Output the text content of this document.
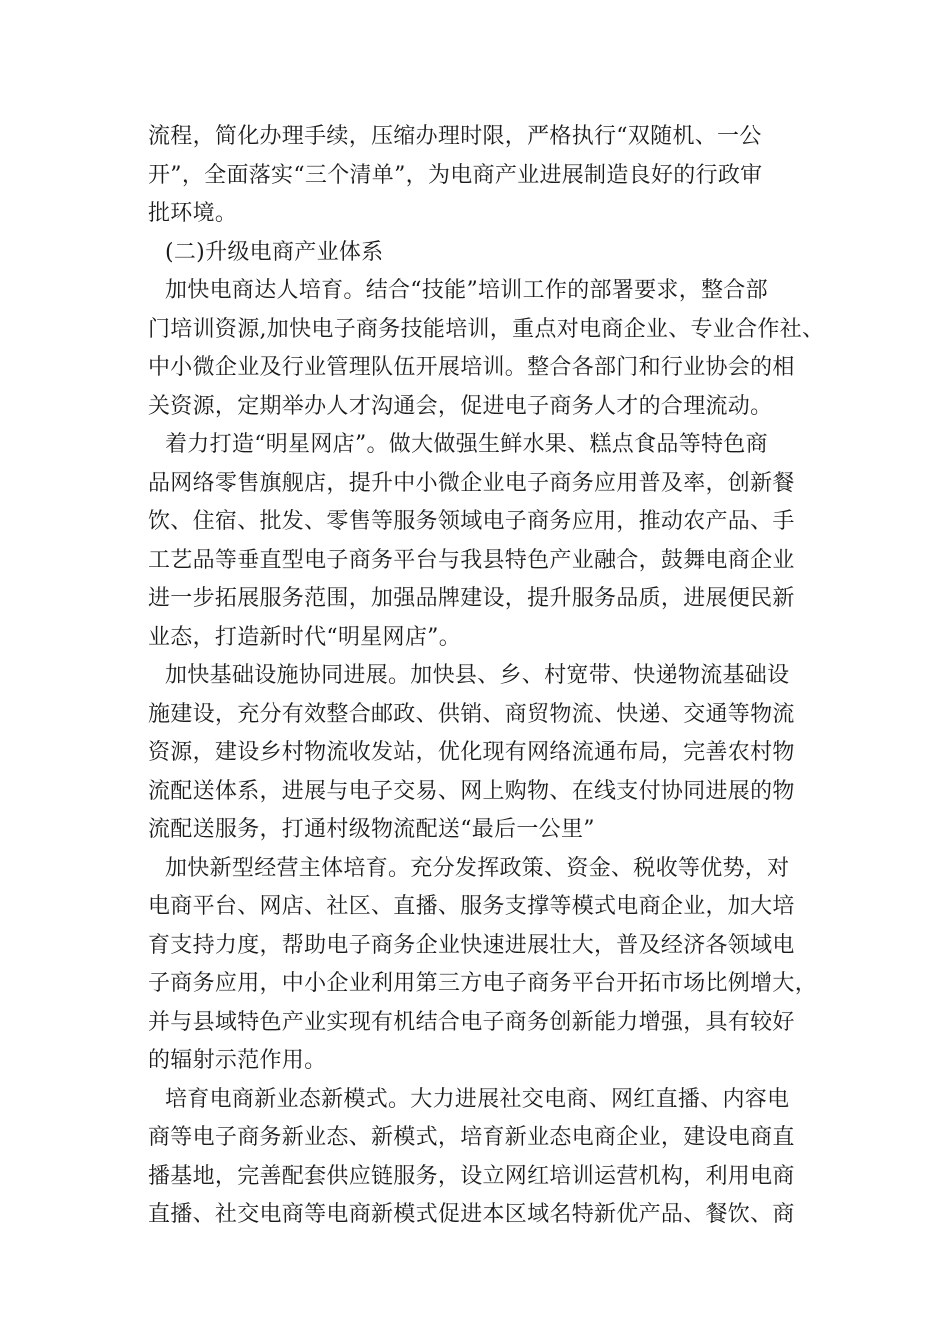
流程，简化办理手续，压缩办理时限，严格执行“双随机、一公
开”，全面落实“三个清单”，为电商产业进展制造良好的行政审
批环境。
(二)升级电商产业体系
加快电商达人培育。结合“技能”培训工作的部署要求，整合部
门培训资源,加快电子商务技能培训，重点对电商企业、专业合作社、
中小微企业及行业管理队伍开展培训。整合各部门和行业协会的相
关资源，定期举办人才沟通会，促进电子商务人才的合理流动。
着力打造“明星网店”。做大做强生鲜水果、糕点食品等特色商
品网络零售旗舰店，提升中小微企业电子商务应用普及率，创新餐
饮、住宿、批发、零售等服务领域电子商务应用，推动农产品、手
工艺品等垂直型电子商务平台与我县特色产业融合，鼓舞电商企业
进一步拓展服务范围，加强品牌建设，提升服务品质，进展便民新
业态，打造新时代“明星网店”。
加快基础设施协同进展。加快县、乡、村宽带、快递物流基础设
施建设，充分有效整合邮政、供销、商贸物流、快递、交通等物流
资源，建设乡村物流收发站，优化现有网络流通布局，完善农村物
流配送体系，进展与电子交易、网上购物、在线支付协同进展的物
流配送服务，打通村级物流配送“最后一公里”
加快新型经营主体培育。充分发挥政策、资金、税收等优势，对
电商平台、网店、社区、直播、服务支撑等模式电商企业，加大培
育支持力度，帮助电子商务企业快速进展壮大，普及经济各领域电
子商务应用，中小企业利用第三方电子商务平台开拓市场比例增大，
并与县域特色产业实现有机结合电子商务创新能力增强，具有较好
的辐射示范作用。
培育电商新业态新模式。大力进展社交电商、网红直播、内容电
商等电子商务新业态、新模式，培育新业态电商企业，建设电商直
播基地，完善配套供应链服务，设立网红培训运营机构，利用电商
直播、社交电商等电商新模式促进本区域名特新优产品、餐饮、商
